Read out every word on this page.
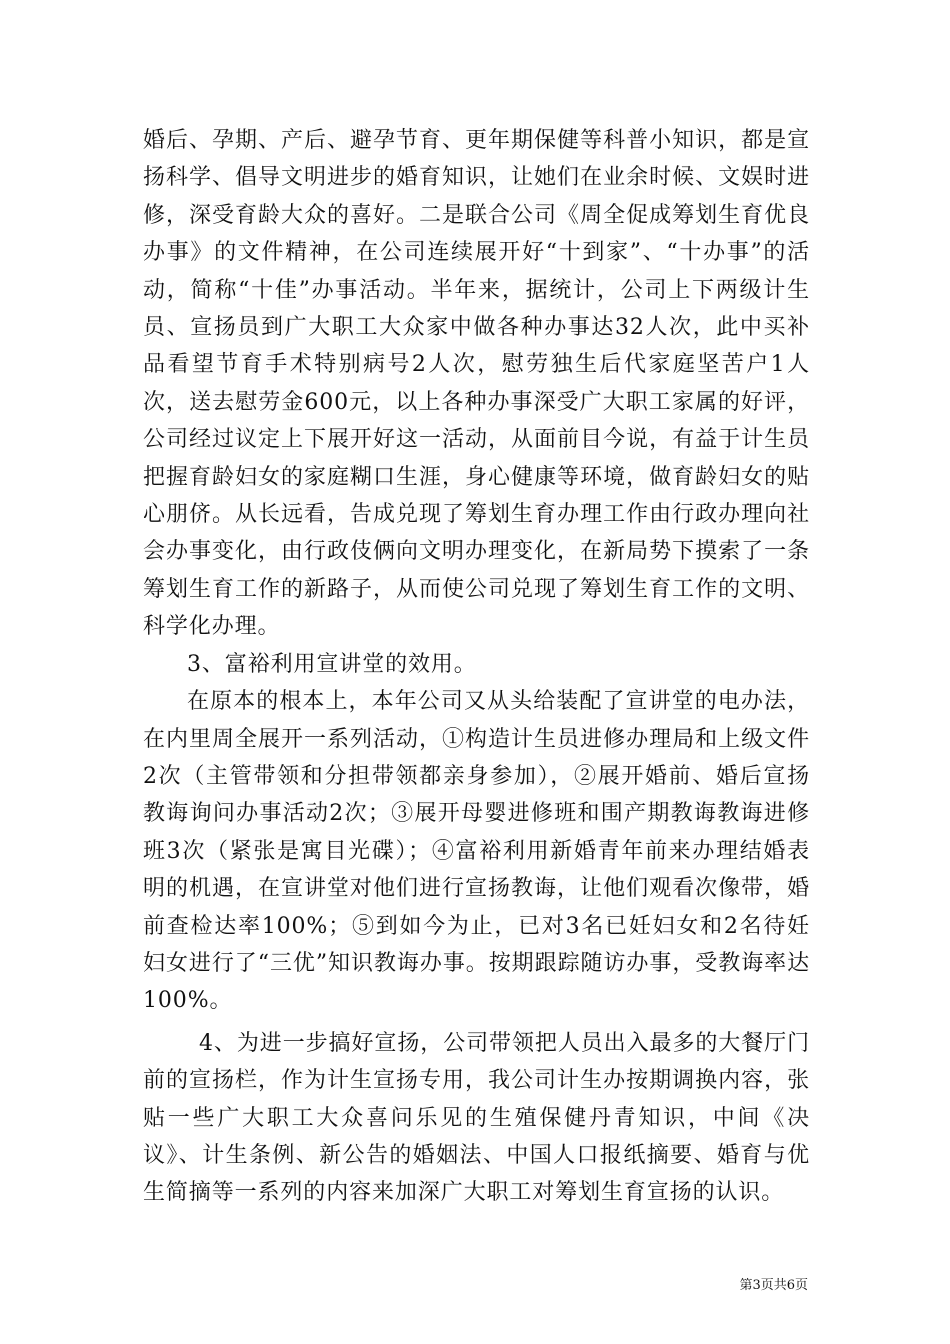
婚后、孕期、产后、避孕节育、更年期保健等科普小知识，都是宣扬科学、倡导文明进步的婚育知识，让她们在业余时候、文娱时进修，深受育龄大众的喜好。二是联合公司《周全促成筹划生育优良办事》的文件精神，在公司连续展开好“十到家”、“十办事”的活动，简称“十佳”办事活动。半年来，据统计，公司上下两级计生员、宣扬员到广大职工大众家中做各种办事达32人次，此中买补品看望节育手术特别病号2人次，慰劳独生后代家庭坚苦户1人次，送去慰劳金600元，以上各种办事深受广大职工家属的好评，公司经过议定上下展开好这一活动，从面前目今说，有益于计生员把握育龄妇女的家庭糊口生涯，身心健康等环境，做育龄妇女的贴心朋侪。从长远看，告成兑现了筹划生育办理工作由行政办理向社会办事变化，由行政伎俩向文明办理变化，在新局势下摸索了一条筹划生育工作的新路子，从而使公司兑现了筹划生育工作的文明、科学化办理。

3、富裕利用宣讲堂的效用。

在原本的根本上，本年公司又从头给装配了宣讲堂的电办法，在内里周全展开一系列活动，①构造计生员进修办理局和上级文件2次（主管带领和分担带领都亲身参加），②展开婚前、婚后宣扬教诲询问办事活动2次；③展开母婴进修班和围产期教诲教诲进修班3次（紧张是寓目光碟）；④富裕利用新婚青年前来办理结婚表明的机遇，在宣讲堂对他们进行宣扬教诲，让他们观看次像带，婚前查检达率100%；⑤到如今为止，已对3名已妊妇女和2名待妊妇女进行了“三优”知识教诲办事。按期跟踪随访办事，受教诲率达100%。

4、为进一步搞好宣扬，公司带领把人员出入最多的大餐厅门前的宣扬栏，作为计生宣扬专用，我公司计生办按期调换内容，张贴一些广大职工大众喜问乐见的生殖保健丹青知识，中间《决议》、计生条例、新公告的婚姻法、中国人口报纸摘要、婚育与优生简摘等一系列的内容来加深广大职工对筹划生育宣扬的认识。

第3页共6页
